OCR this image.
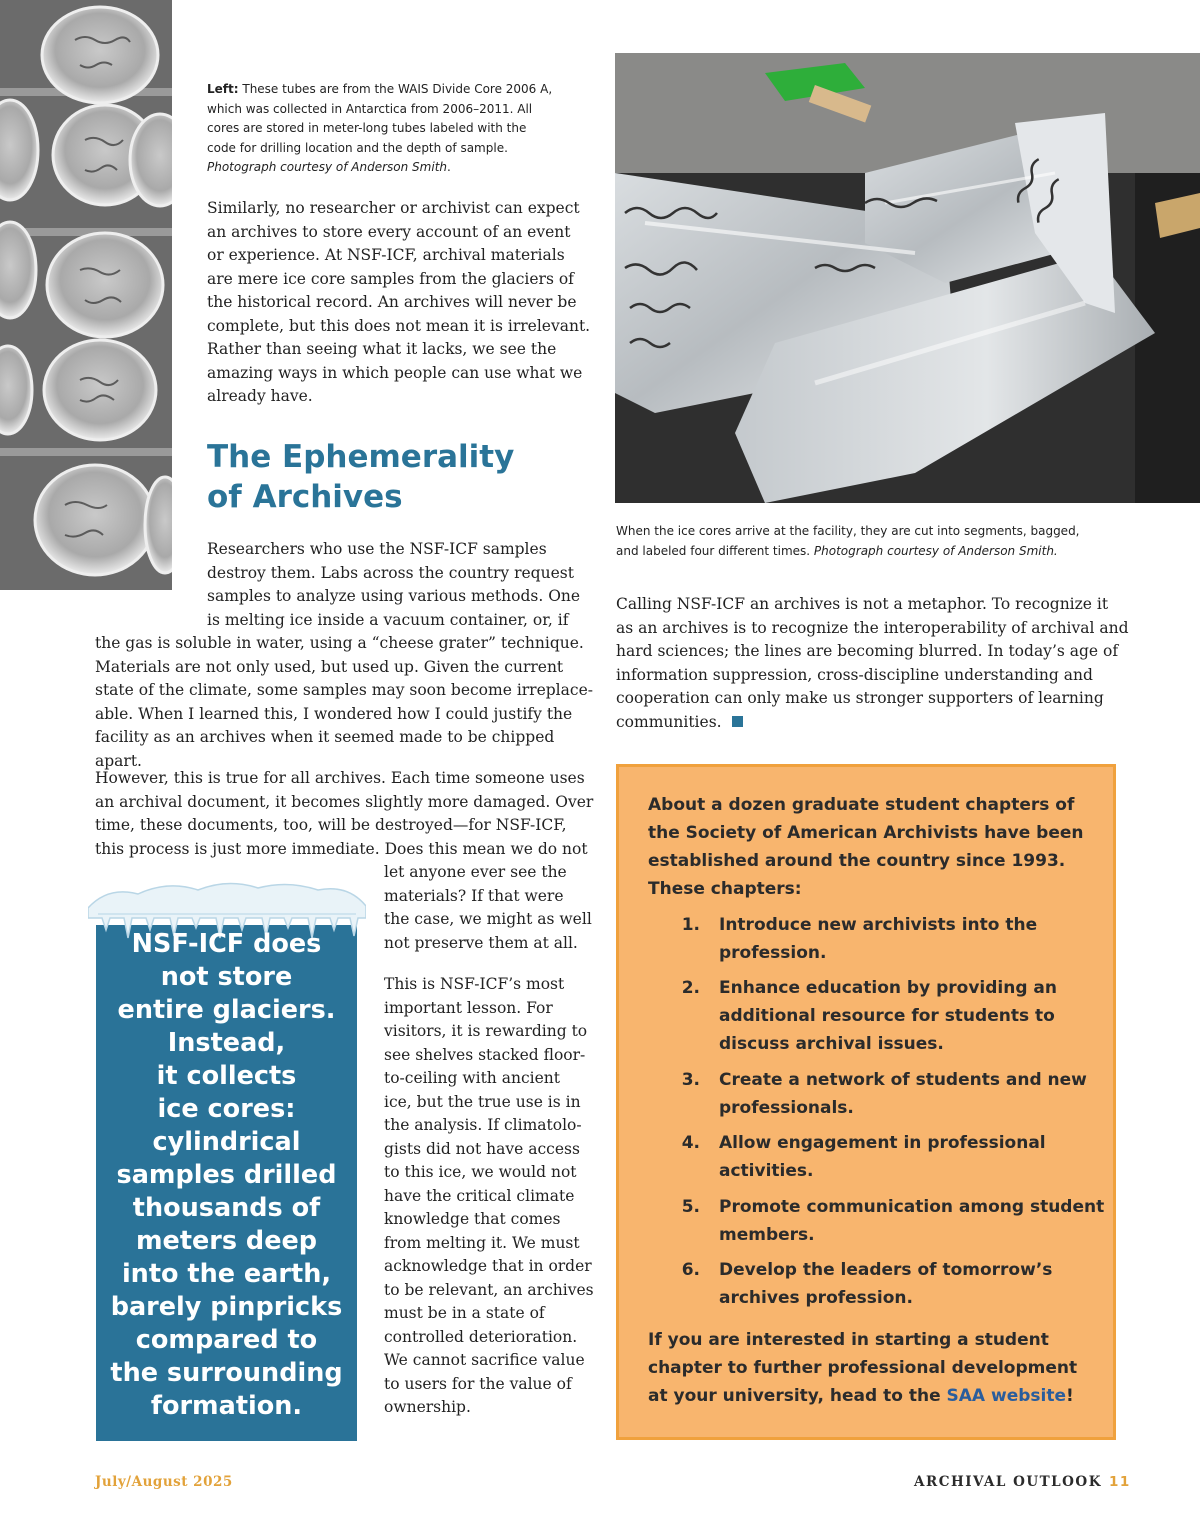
Left: These tubes are from the WAIS Divide Core 2006 A,
which was collected in Antarctica from 2006–2011. All
cores are stored in meter-long tubes labeled with the
code for drilling location and the depth of sample.
Photograph courtesy of Anderson Smith.

Similarly, no researcher or archivist can expect

an archives to store every account of an event

or experience. At NSF-ICF, archival materials

are mere ice core samples from the glaciers of

the historical record. An archives will never be

complete, but this does not mean it is irrelevant.

Rather than seeing what it lacks, we see the

amazing ways in which people can use what we

already have.

The Ephemerality
of Archives

Researchers who use the NSF-ICF samples

destroy them. Labs across the country request

samples to analyze using various methods. One

is melting ice inside a vacuum container, or, if

the gas is soluble in water, using a “cheese grater” technique.

Materials are not only used, but used up. Given the current

state of the climate, some samples may soon become irreplace-

able. When I learned this, I wondered how I could justify the

facility as an archives when it seemed made to be chipped apart.

However, this is true for all archives. Each time someone uses

an archival document, it becomes slightly more damaged. Over

time, these documents, too, will be destroyed—for NSF-ICF,

this process is just more immediate. Does this mean we do not

let anyone ever see the

materials? If that were

the case, we might as well

not preserve them at all.

This is NSF-ICF’s most

important lesson. For

visitors, it is rewarding to

see shelves stacked floor-

to-ceiling with ancient

ice, but the true use is in

the analysis. If climatolo-

gists did not have access

to this ice, we would not

have the critical climate

knowledge that comes

from melting it. We must

acknowledge that in order

to be relevant, an archives

must be in a state of

controlled deterioration.

We cannot sacrifice value

to users for the value of

ownership.

NSF-ICF does
not store
entire glaciers.
Instead,
it collects
ice cores:
cylindrical
samples drilled
thousands of
meters deep
into the earth,
barely pinpricks
compared to
the surrounding
formation.
When the ice cores arrive at the facility, they are cut into segments, bagged,
and labeled four different times. Photograph courtesy of Anderson Smith.

Calling NSF-ICF an archives is not a metaphor. To recognize it

as an archives is to recognize the interoperability of archival and

hard sciences; the lines are becoming blurred. In today’s age of

information suppression, cross-discipline understanding and

cooperation can only make us stronger supporters of learning

communities.

About a dozen graduate student chapters of
the Society of American Archivists have been
established around the country since 1993.
These chapters:
1. Introduce new archivists into the
profession.
2. Enhance education by providing an
additional resource for students to
discuss archival issues.
3. Create a network of students and new
professionals.
4. Allow engagement in professional
activities.
5. Promote communication among student
members.
6. Develop the leaders of tomorrow’s
archives profession.
If you are interested in starting a student
chapter to further professional development
at your university, head to the SAA website!
July/August 2025	ARCHIVAL OUTLOOK 11
